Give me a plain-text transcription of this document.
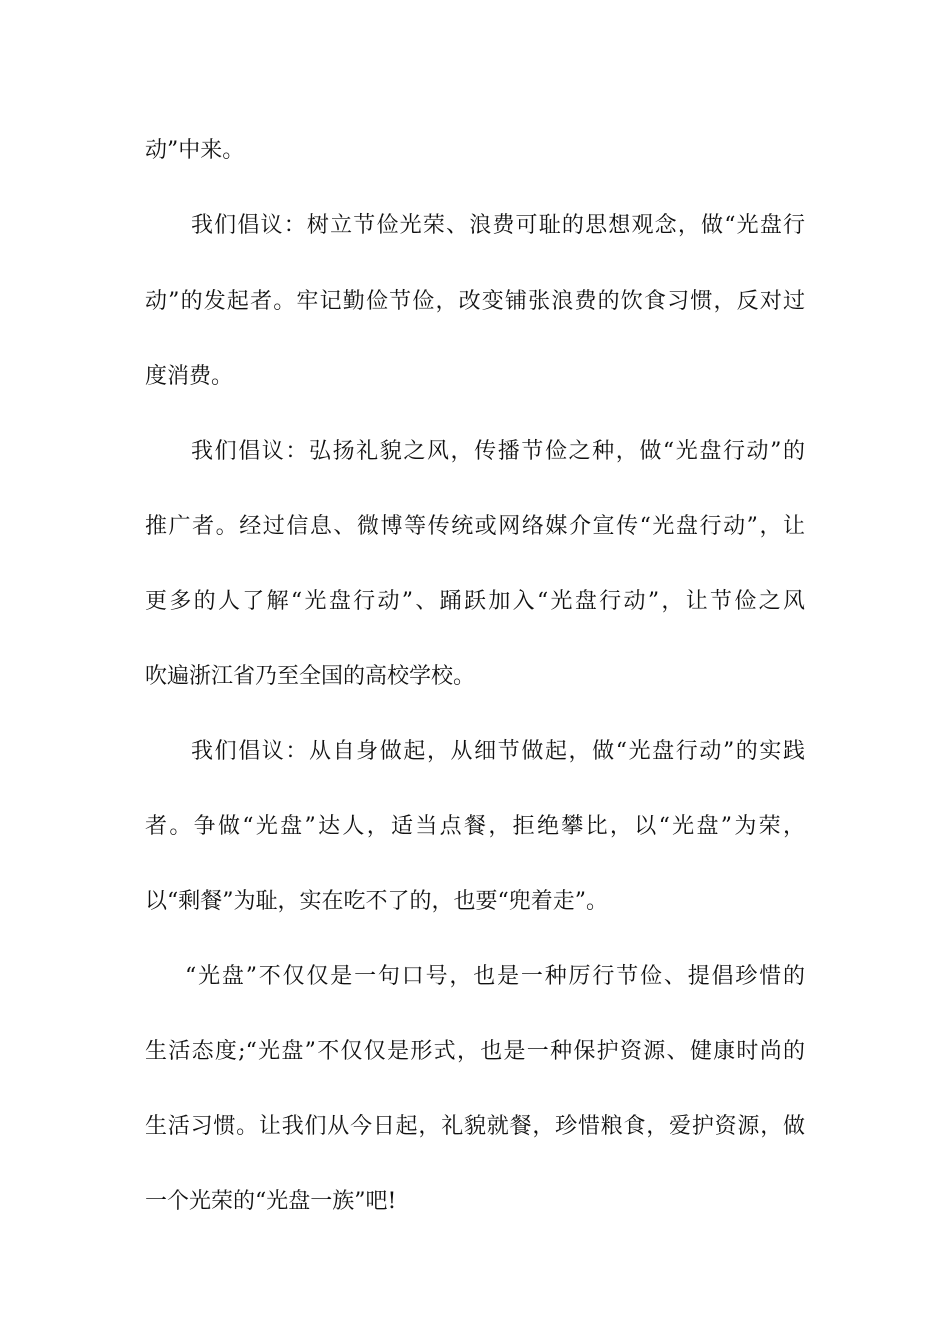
动”中来。
我们倡议：树立节俭光荣、浪费可耻的思想观念，做“光盘行
动”的发起者。牢记勤俭节俭，改变铺张浪费的饮食习惯，反对过
度消费。
我们倡议：弘扬礼貌之风，传播节俭之种，做“光盘行动”的
推广者。经过信息、微博等传统或网络媒介宣传“光盘行动”，让
更多的人了解“光盘行动”、踊跃加入“光盘行动”，让节俭之风
吹遍浙江省乃至全国的高校学校。
我们倡议：从自身做起，从细节做起，做“光盘行动”的实践
者。争做“光盘”达人，适当点餐，拒绝攀比，以“光盘”为荣，
以“剩餐”为耻，实在吃不了的，也要“兜着走”。
“光盘”不仅仅是一句口号，也是一种厉行节俭、提倡珍惜的
生活态度;“光盘”不仅仅是形式，也是一种保护资源、健康时尚的
生活习惯。让我们从今日起，礼貌就餐，珍惜粮食，爱护资源，做
一个光荣的“光盘一族”吧!
